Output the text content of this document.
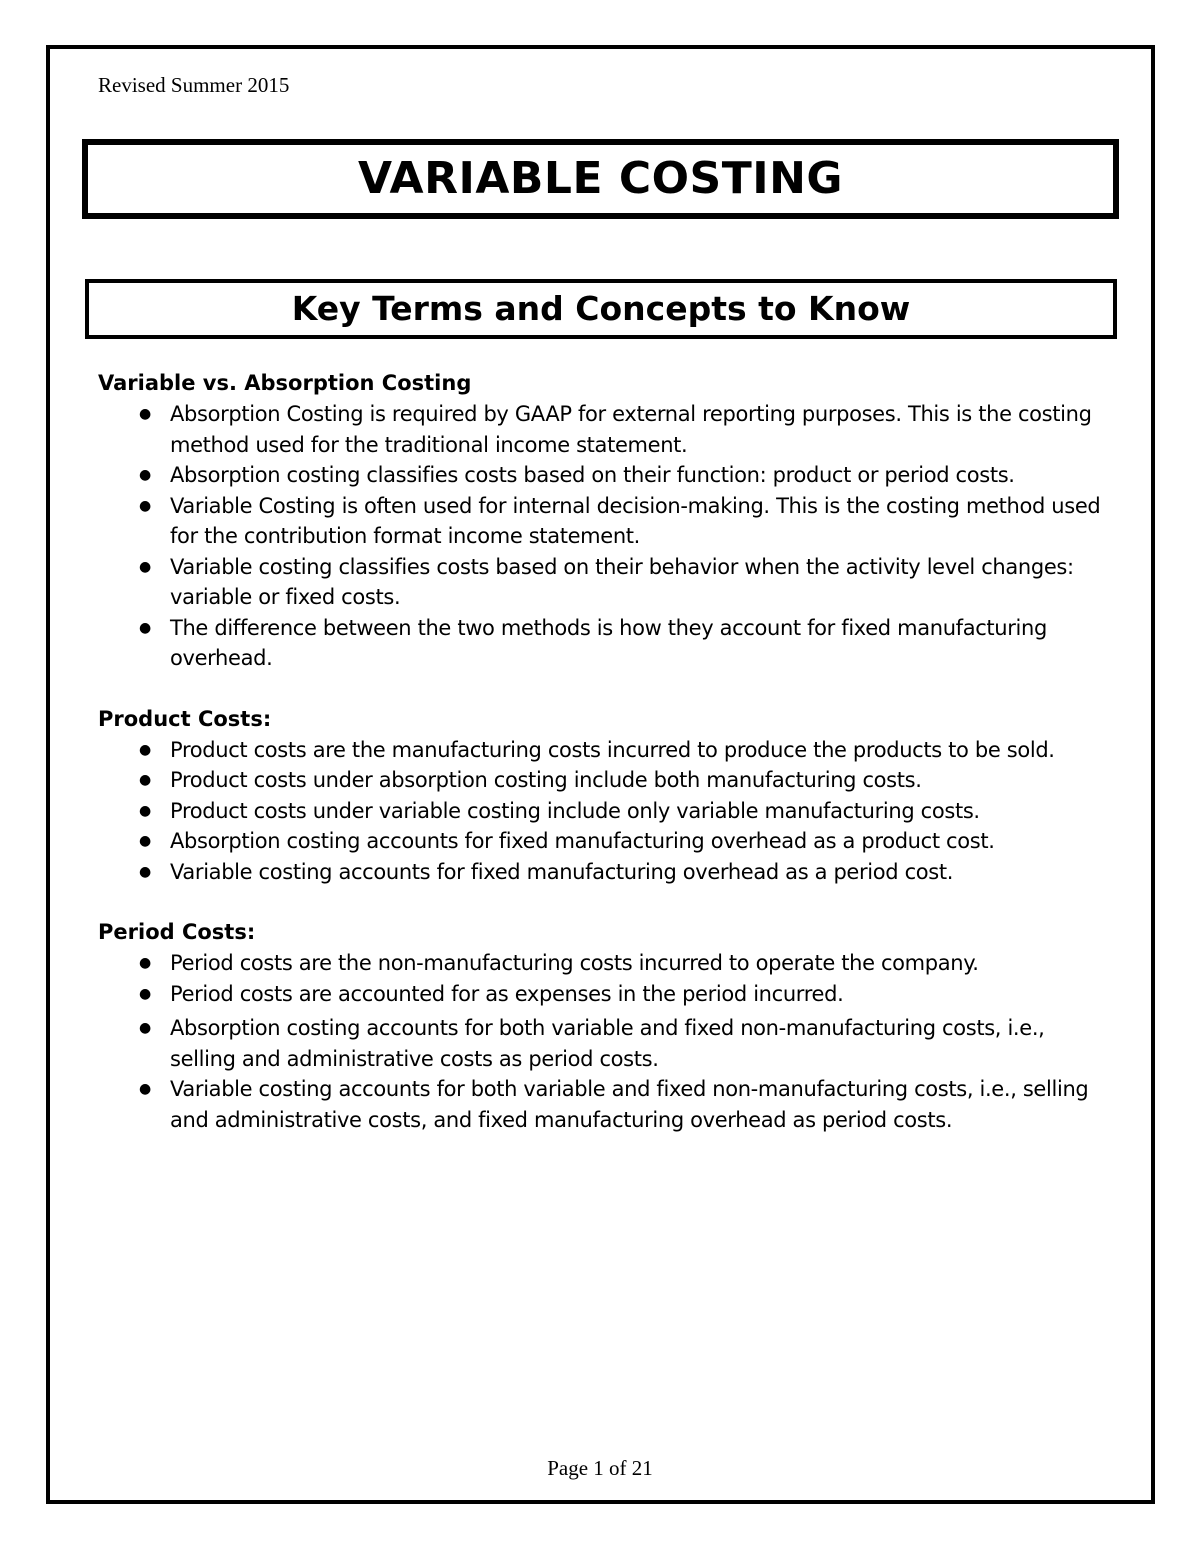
Revised Summer 2015
VARIABLE COSTING
Key Terms and Concepts to Know

Variable vs. Absorption Costing

● Absorption Costing is required by GAAP for external reporting purposes. This is the costing method used for the traditional income statement.
● Absorption costing classifies costs based on their function: product or period costs.
● Variable Costing is often used for internal decision-making. This is the costing method used for the contribution format income statement.
● Variable costing classifies costs based on their behavior when the activity level changes: variable or fixed costs.
● The difference between the two methods is how they account for fixed manufacturing overhead.

Product Costs:

● Product costs are the manufacturing costs incurred to produce the products to be sold.
● Product costs under absorption costing include both manufacturing costs.
● Product costs under variable costing include only variable manufacturing costs.
● Absorption costing accounts for fixed manufacturing overhead as a product cost.
● Variable costing accounts for fixed manufacturing overhead as a period cost.

Period Costs:

● Period costs are the non-manufacturing costs incurred to operate the company.
● Period costs are accounted for as expenses in the period incurred.
● Absorption costing accounts for both variable and fixed non-manufacturing costs, i.e., selling and administrative costs as period costs.
● Variable costing accounts for both variable and fixed non-manufacturing costs, i.e., selling and administrative costs, and fixed manufacturing overhead as period costs.
Page 1 of 21
